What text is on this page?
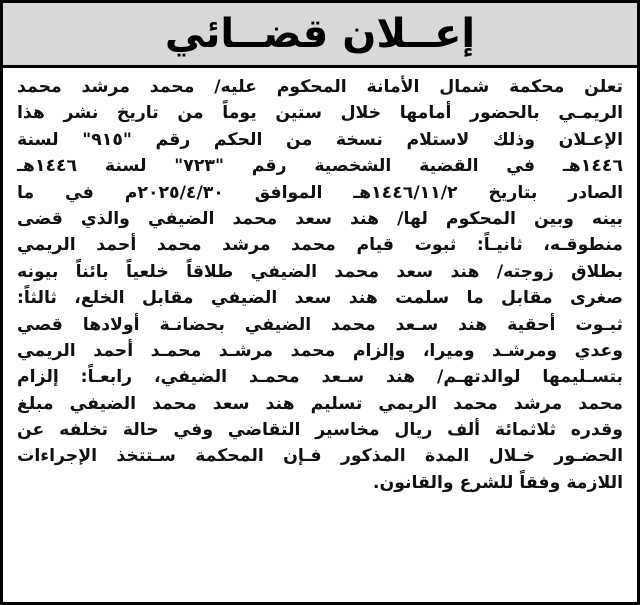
إعــلان قضــائي
تعلن محكمة شمال الأمانة المحكوم عليه/ محمد مرشد محمد
الريمـي بالحضور أمامها خلال ستين يوماً من تاريخ نشر هذا
الإعـلان وذلك لاستلام نسخة من الحكم رقم "٩١٥" لسنة
١٤٤٦هـ في القضية الشخصية رقم "٧٢٣" لسنة ١٤٤٦هـ
الصادر بتاريخ ١٤٤٦/١١/٢هـ الموافق ٢٠٢٥/٤/٣٠م في ما
بينه وبين المحكوم لها/ هند سعد محمد الضيفي والذي قضى
منطوقـه، ثانيـاً: ثبوت قيام محمد مرشد محمد أحمد الريمي
بطلاق زوجته/ هند سعد محمد الضيفي طلاقاً خلعياً بائناً بيونه
صغرى مقابل ما سلمت هند سعد الضيفي مقابل الخلع، ثالثاً:
ثبـوت أحقية هند سـعد محمد الضيفي بحضانـة أولادها قصي
وعدي ومرشـد وميرا، وإلزام محمد مرشـد محمـد أحمد الريمي
بتسـليمها لوالدتهـم/ هند سـعد محمـد الضيفي، رابعـاً: إلزام
محمد مرشد محمد الريمي تسليم هند سعد محمد الضيفي مبلغ
وقدره ثلاثمائة ألف ريال مخاسير التقاضي وفي حالة تخلفه عن
الحضـور خـلال المدة المذكور فـإن المحكمة سـتتخذ الإجراءات
اللازمة وفقاً للشرع والقانون.
